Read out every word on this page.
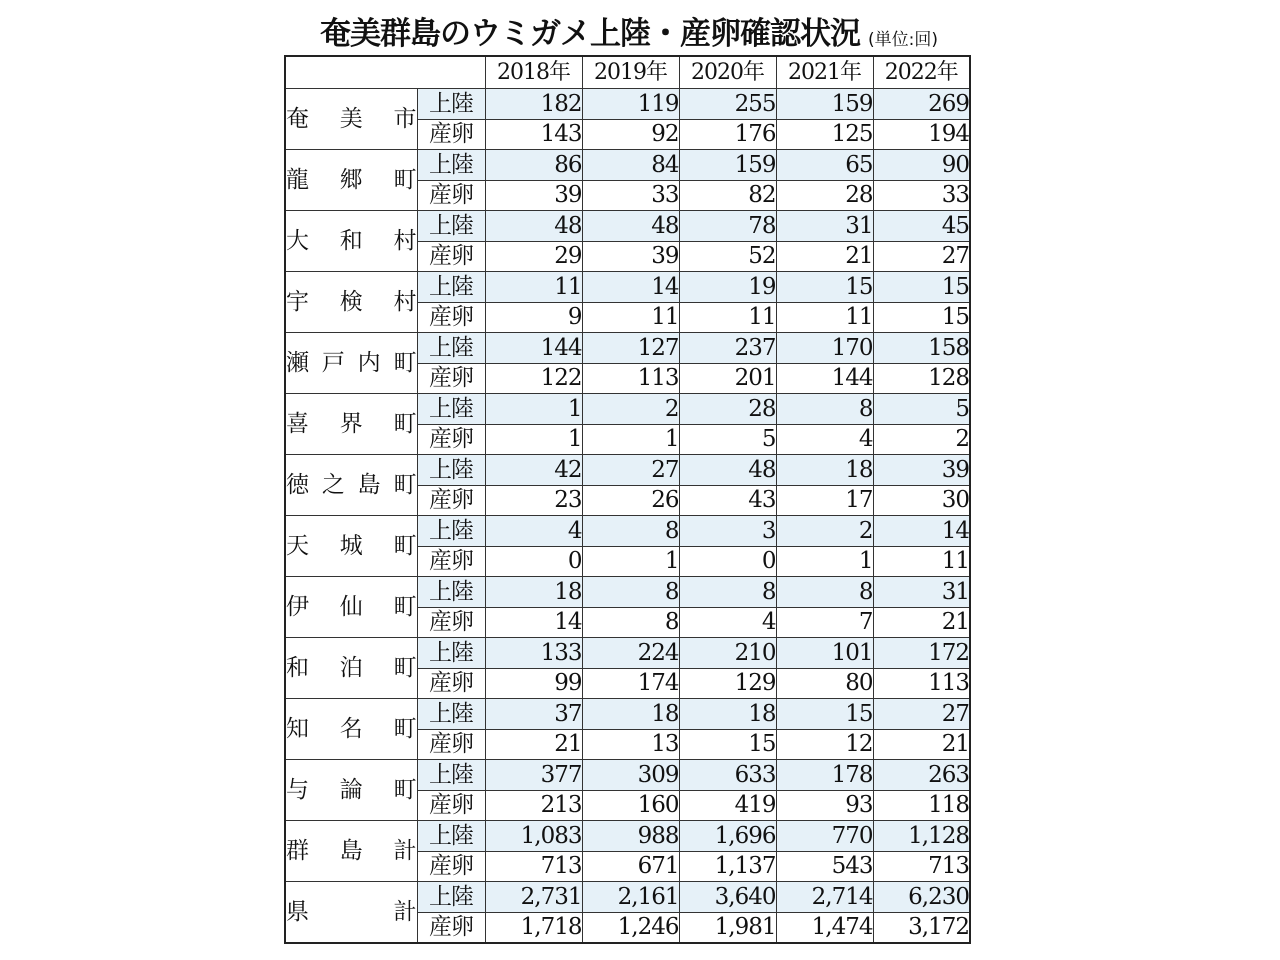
奄美群島のウミガメ上陸・産卵確認状況 (単位:回)
		2018年	2019年	2020年	2021年	2022年
奄美市	上陸	182	119	255	159	269
	産卵	143	92	176	125	194
龍郷町	上陸	86	84	159	65	90
	産卵	39	33	82	28	33
大和村	上陸	48	48	78	31	45
	産卵	29	39	52	21	27
宇検村	上陸	11	14	19	15	15
	産卵	9	11	11	11	15
瀬戸内町	上陸	144	127	237	170	158
	産卵	122	113	201	144	128
喜界町	上陸	1	2	28	8	5
	産卵	1	1	5	4	2
徳之島町	上陸	42	27	48	18	39
	産卵	23	26	43	17	30
天城町	上陸	4	8	3	2	14
	産卵	0	1	0	1	11
伊仙町	上陸	18	8	8	8	31
	産卵	14	8	4	7	21
和泊町	上陸	133	224	210	101	172
	産卵	99	174	129	80	113
知名町	上陸	37	18	18	15	27
	産卵	21	13	15	12	21
与論町	上陸	377	309	633	178	263
	産卵	213	160	419	93	118
群島計	上陸	1,083	988	1,696	770	1,128
	産卵	713	671	1,137	543	713
県計	上陸	2,731	2,161	3,640	2,714	6,230
	産卵	1,718	1,246	1,981	1,474	3,172
